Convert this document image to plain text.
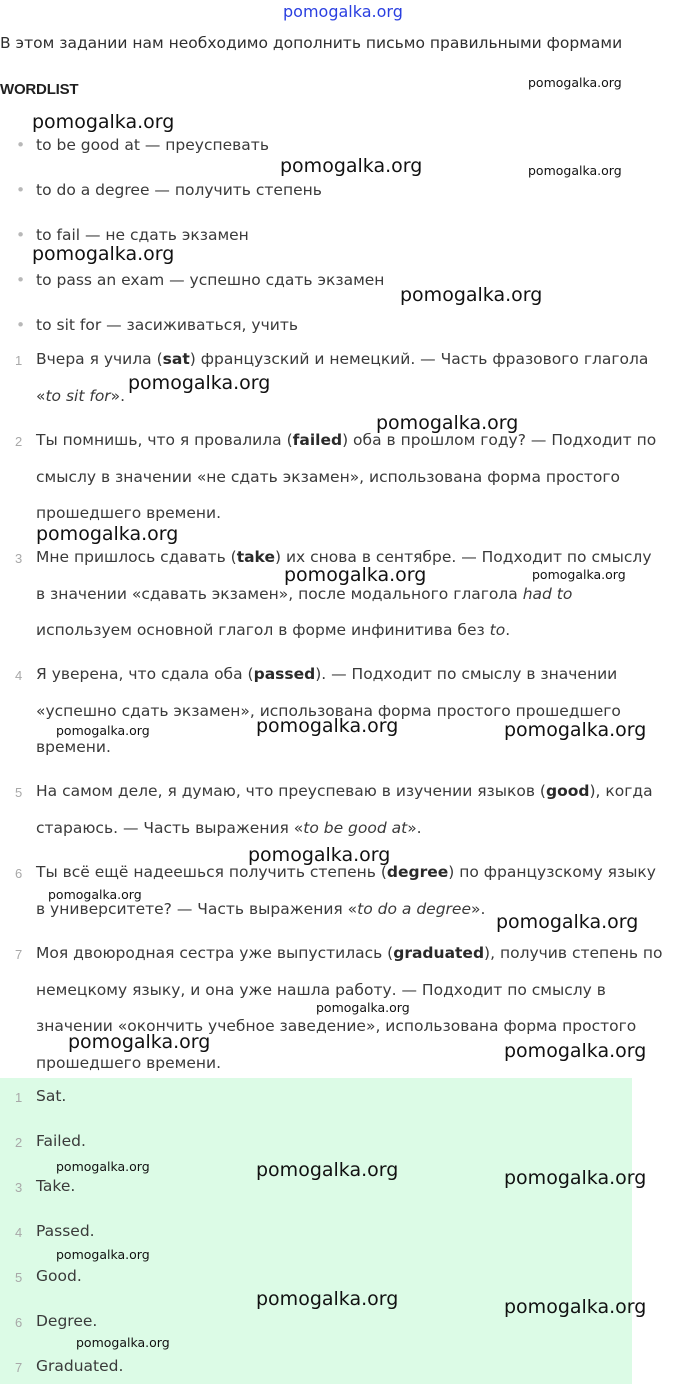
pomogalka.org
В этом задании нам необходимо дополнить письмо правильными формами
WORDLIST
• to be good at — преуспевать
• to do a degree — получить степень
• to fail — не сдать экзамен
• to pass an exam — успешно сдать экзамен
• to sit for — засиживаться, учить
1 Вчера я учила (sat) французский и немецкий. — Часть фразового глагола
«to sit for».
2 Ты помнишь, что я провалила (failed) оба в прошлом году? — Подходит по
смыслу в значении «не сдать экзамен», использована форма простого
прошедшего времени.
3 Мне пришлось сдавать (take) их снова в сентябре. — Подходит по смыслу
в значении «сдавать экзамен», после модального глагола had to
используем основной глагол в форме инфинитива без to.
4 Я уверена, что сдала оба (passed). — Подходит по смыслу в значении
«успешно сдать экзамен», использована форма простого прошедшего
времени.
5 На самом деле, я думаю, что преуспеваю в изучении языков (good), когда
стараюсь. — Часть выражения «to be good at».
6 Ты всё ещё надеешься получить степень (degree) по французскому языку
в университете? — Часть выражения «to do a degree».
7 Моя двоюродная сестра уже выпустилась (graduated), получив степень по
немецкому языку, и она уже нашла работу. — Подходит по смыслу в
значении «окончить учебное заведение», использована форма простого
прошедшего времени.
1 Sat.
2 Failed.
3 Take.
4 Passed.
5 Good.
6 Degree.
7 Graduated.
pomogalka.org
pomogalka.org
pomogalka.org	pomogalka.org
pomogalka.org
pomogalka.org
pomogalka.org
pomogalka.org
pomogalka.org
pomogalka.org	pomogalka.org
pomogalka.org	pomogalka.org	pomogalka.org
pomogalka.org
pomogalka.org
pomogalka.org
pomogalka.org
pomogalka.org	pomogalka.org
pomogalka.org	pomogalka.org	pomogalka.org
pomogalka.org
pomogalka.org	pomogalka.org
pomogalka.org
